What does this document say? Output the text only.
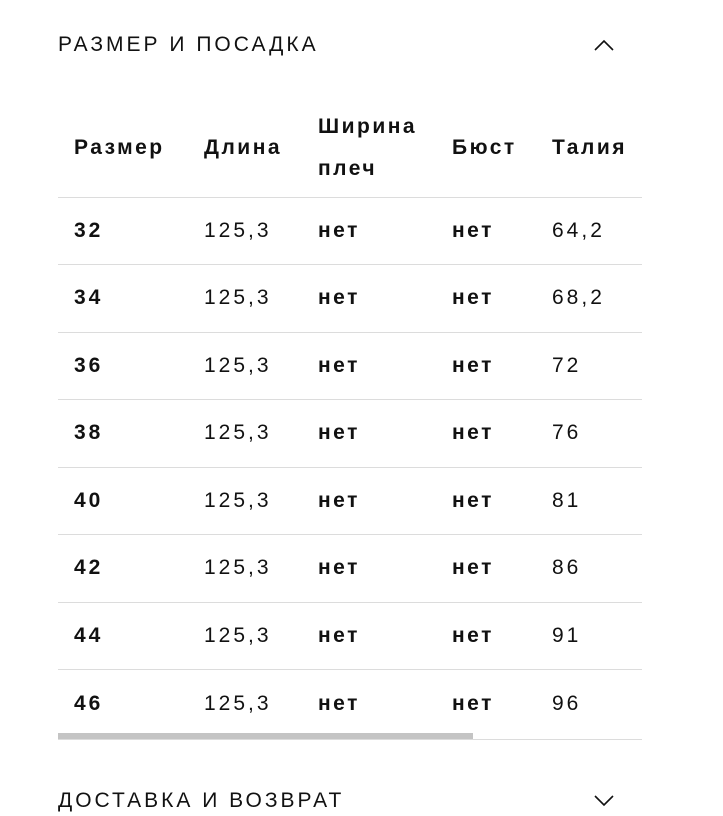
РАЗМЕР И ПОСАДКА
Размер	Длина	Ширина плеч	Бюст	Талия
32	125,3	нет	нет	64,2
34	125,3	нет	нет	68,2
36	125,3	нет	нет	72
38	125,3	нет	нет	76
40	125,3	нет	нет	81
42	125,3	нет	нет	86
44	125,3	нет	нет	91
46	125,3	нет	нет	96
ДОСТАВКА И ВОЗВРАТ
